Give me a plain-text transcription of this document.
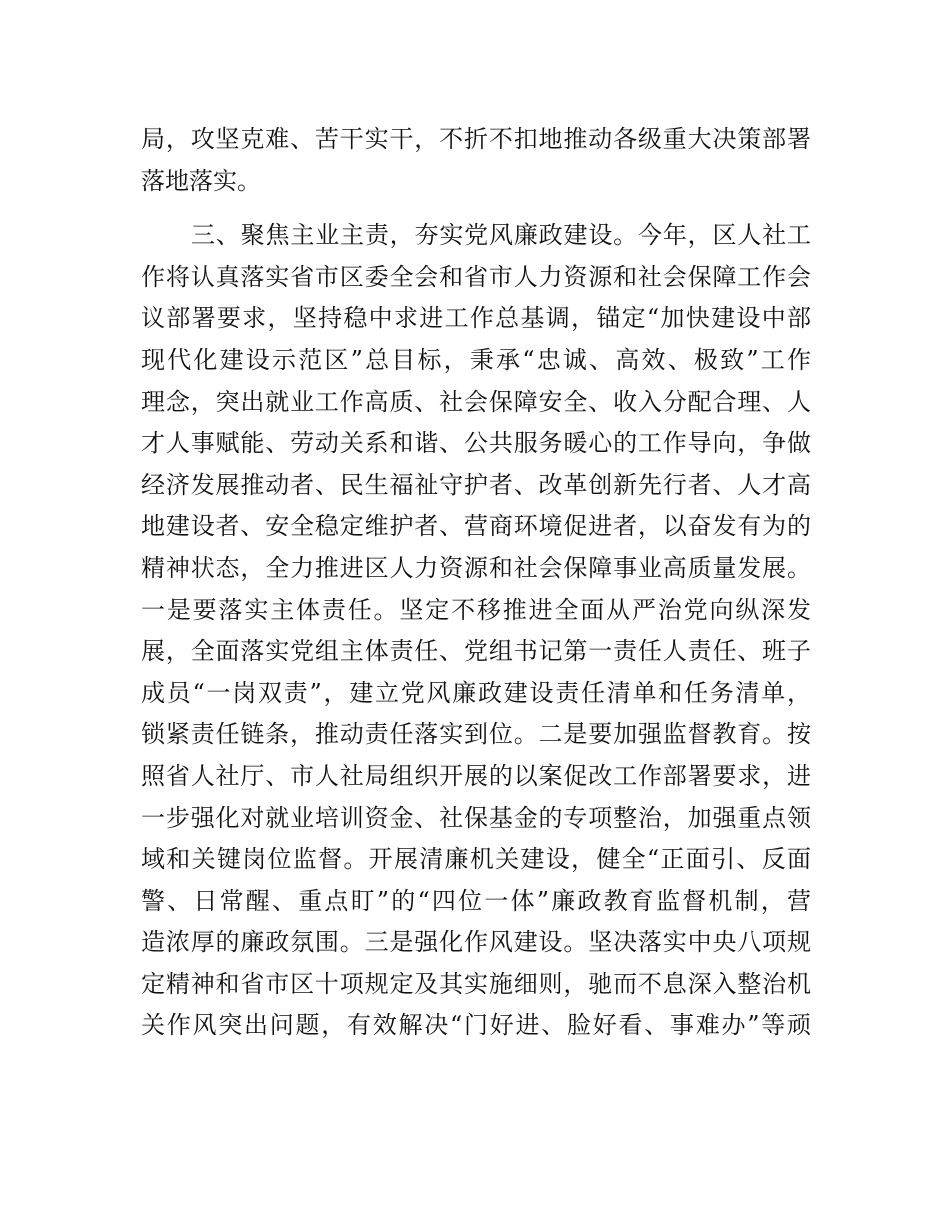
局，攻坚克难、苦干实干，不折不扣地推动各级重大决策部署
落地落实。
三、聚焦主业主责，夯实党风廉政建设。今年，区人社工
作将认真落实省市区委全会和省市人力资源和社会保障工作会
议部署要求，坚持稳中求进工作总基调，锚定“加快建设中部
现代化建设示范区”总目标，秉承“忠诚、高效、极致”工作
理念，突出就业工作高质、社会保障安全、收入分配合理、人
才人事赋能、劳动关系和谐、公共服务暖心的工作导向，争做
经济发展推动者、民生福祉守护者、改革创新先行者、人才高
地建设者、安全稳定维护者、营商环境促进者，以奋发有为的
精神状态，全力推进区人力资源和社会保障事业高质量发展。
一是要落实主体责任。坚定不移推进全面从严治党向纵深发
展，全面落实党组主体责任、党组书记第一责任人责任、班子
成员“一岗双责”，建立党风廉政建设责任清单和任务清单，
锁紧责任链条，推动责任落实到位。二是要加强监督教育。按
照省人社厅、市人社局组织开展的以案促改工作部署要求，进
一步强化对就业培训资金、社保基金的专项整治，加强重点领
域和关键岗位监督。开展清廉机关建设，健全“正面引、反面
警、日常醒、重点盯”的“四位一体”廉政教育监督机制，营
造浓厚的廉政氛围。三是强化作风建设。坚决落实中央八项规
定精神和省市区十项规定及其实施细则，驰而不息深入整治机
关作风突出问题，有效解决“门好进、脸好看、事难办”等顽
